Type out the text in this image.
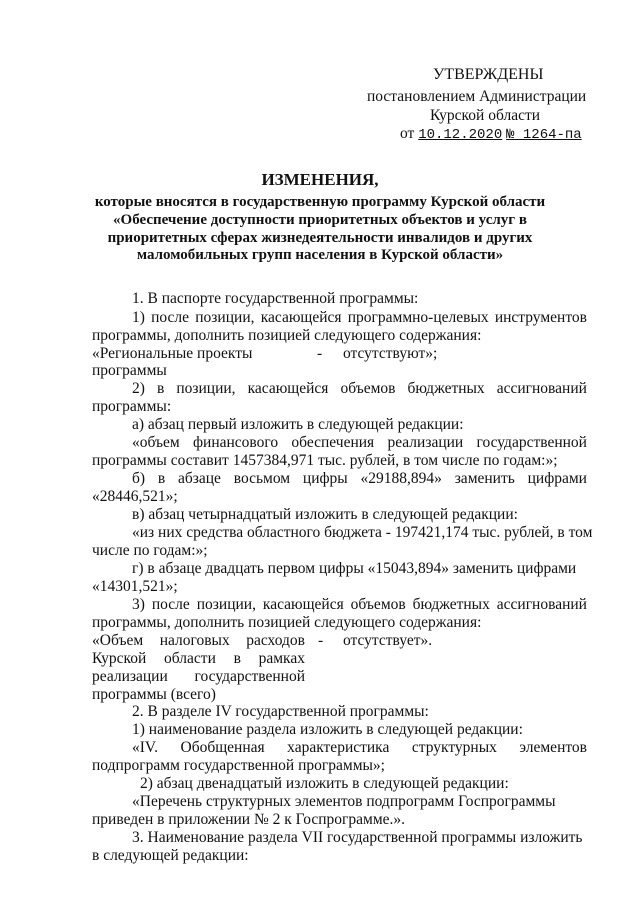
УТВЕРЖДЕНЫ
постановлением Администрации
Курской области
от 10.12.2020 № 1264-па
ИЗМЕНЕНИЯ,
которые вносятся в государственную программу Курской области
«Обеспечение доступности приоритетных объектов и услуг в
приоритетных сферах жизнедеятельности инвалидов и других
маломобильных групп населения в Курской области»
1. В паспорте государственной программы:
1) после позиции, касающейся программно-целевых инструментов
программы, дополнить позицией следующего содержания:
«Региональные проекты	- отсутствуют»;
программы
2) в позиции, касающейся объемов бюджетных ассигнований
программы:
а) абзац первый изложить в следующей редакции:
«объем финансового обеспечения реализации государственной
программы составит 1457384,971 тыс. рублей, в том числе по годам:»;
б) в абзаце восьмом цифры «29188,894» заменить цифрами
«28446,521»;
в) абзац четырнадцатый изложить в следующей редакции:
«из них средства областного бюджета - 197421,174 тыс. рублей, в том
числе по годам:»;
г) в абзаце двадцать первом цифры «15043,894» заменить цифрами
«14301,521»;
3) после позиции, касающейся объемов бюджетных ассигнований
программы, дополнить позицией следующего содержания:
«Объем налоговых расходов - отсутствует».
Курской области в рамках
реализации государственной
программы (всего)
2. В разделе IV государственной программы:
1) наименование раздела изложить в следующей редакции:
«IV. Обобщенная характеристика структурных элементов
подпрограмм государственной программы»;
2) абзац двенадцатый изложить в следующей редакции:
«Перечень структурных элементов подпрограмм Госпрограммы
приведен в приложении № 2 к Госпрограмме.».
3. Наименование раздела VII государственной программы изложить
в следующей редакции:
